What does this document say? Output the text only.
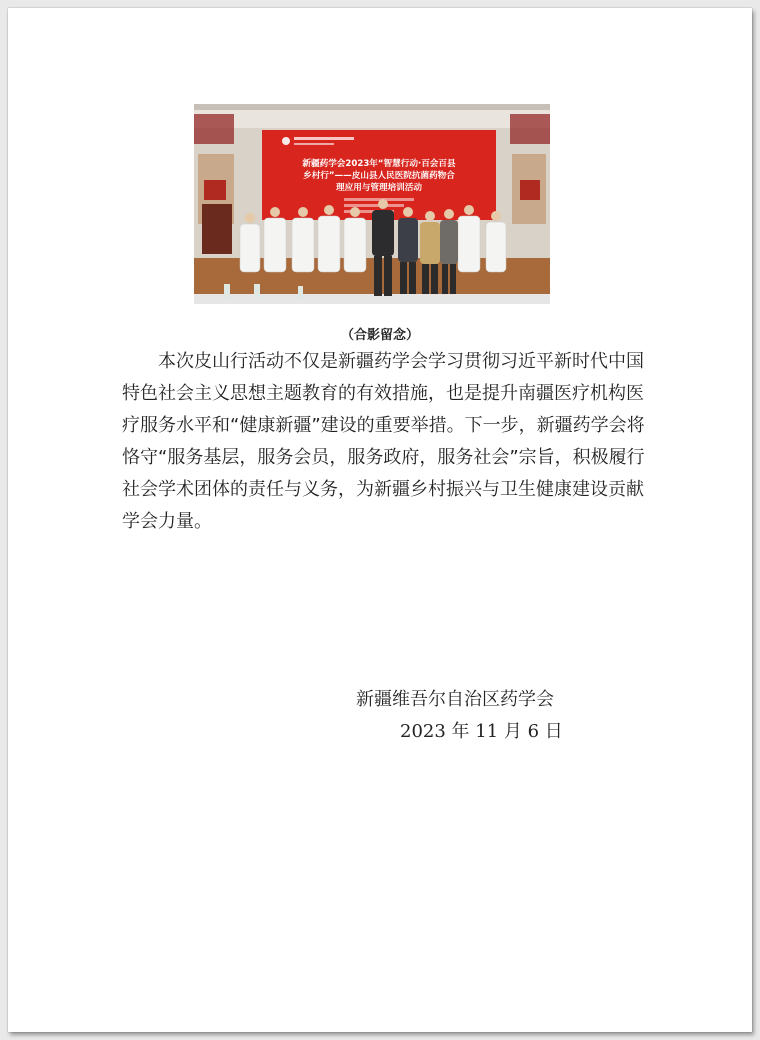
新疆药学会2023年“智慧行动·百会百县
乡村行”——皮山县人民医院抗菌药物合
理应用与管理培训活动
（合影留念）

本次皮山行活动不仅是新疆药学会学习贯彻习近平新时代中国特色社会主义思想主题教育的有效措施，也是提升南疆医疗机构医疗服务水平和“健康新疆”建设的重要举措。下一步，新疆药学会将恪守“服务基层，服务会员，服务政府，服务社会”宗旨，积极履行社会学术团体的责任与义务，为新疆乡村振兴与卫生健康建设贡献学会力量。

新疆维吾尔自治区药学会
2023 年 11 月 6 日
